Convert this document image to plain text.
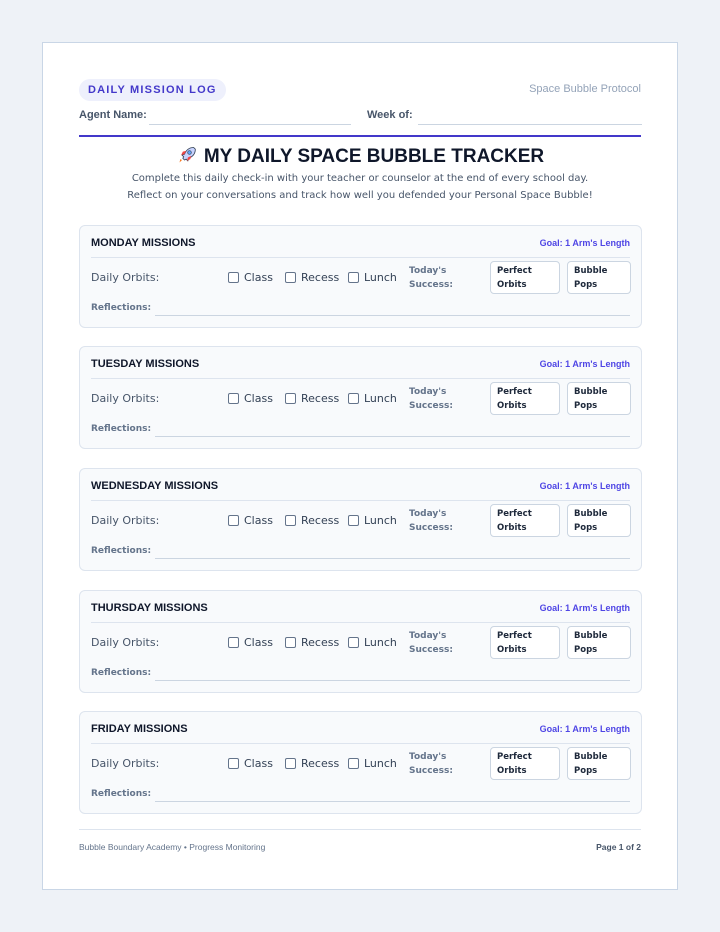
DAILY MISSION LOG	Space Bubble Protocol
Agent Name:	Week of:
MY DAILY SPACE BUBBLE TRACKER
Complete this daily check-in with your teacher or counselor at the end of every school day. Reflect on your conversations and track how well you defended your Personal Space Bubble!
MONDAY MISSIONS	Goal: 1 Arm's Length
Daily Orbits:	Class	Recess Lunch Today's Success:
Perfect Orbits
Bubble Pops
Reflections:
TUESDAY MISSIONS	Goal: 1 Arm's Length
Daily Orbits:	Class	Recess Lunch Today's Success:
Perfect Orbits
Bubble Pops
Reflections:
WEDNESDAY MISSIONS	Goal: 1 Arm's Length
Daily Orbits:	Class	Recess Lunch Today's Success:
Perfect Orbits
Bubble Pops
Reflections:
THURSDAY MISSIONS	Goal: 1 Arm's Length
Daily Orbits:	Class	Recess Lunch Today's Success:
Perfect Orbits
Bubble Pops
Reflections:
FRIDAY MISSIONS	Goal: 1 Arm's Length
Daily Orbits:	Class	Recess Lunch Today's Success:
Perfect Orbits
Bubble Pops
Reflections:
Bubble Boundary Academy • Progress Monitoring	Page 1 of 2
